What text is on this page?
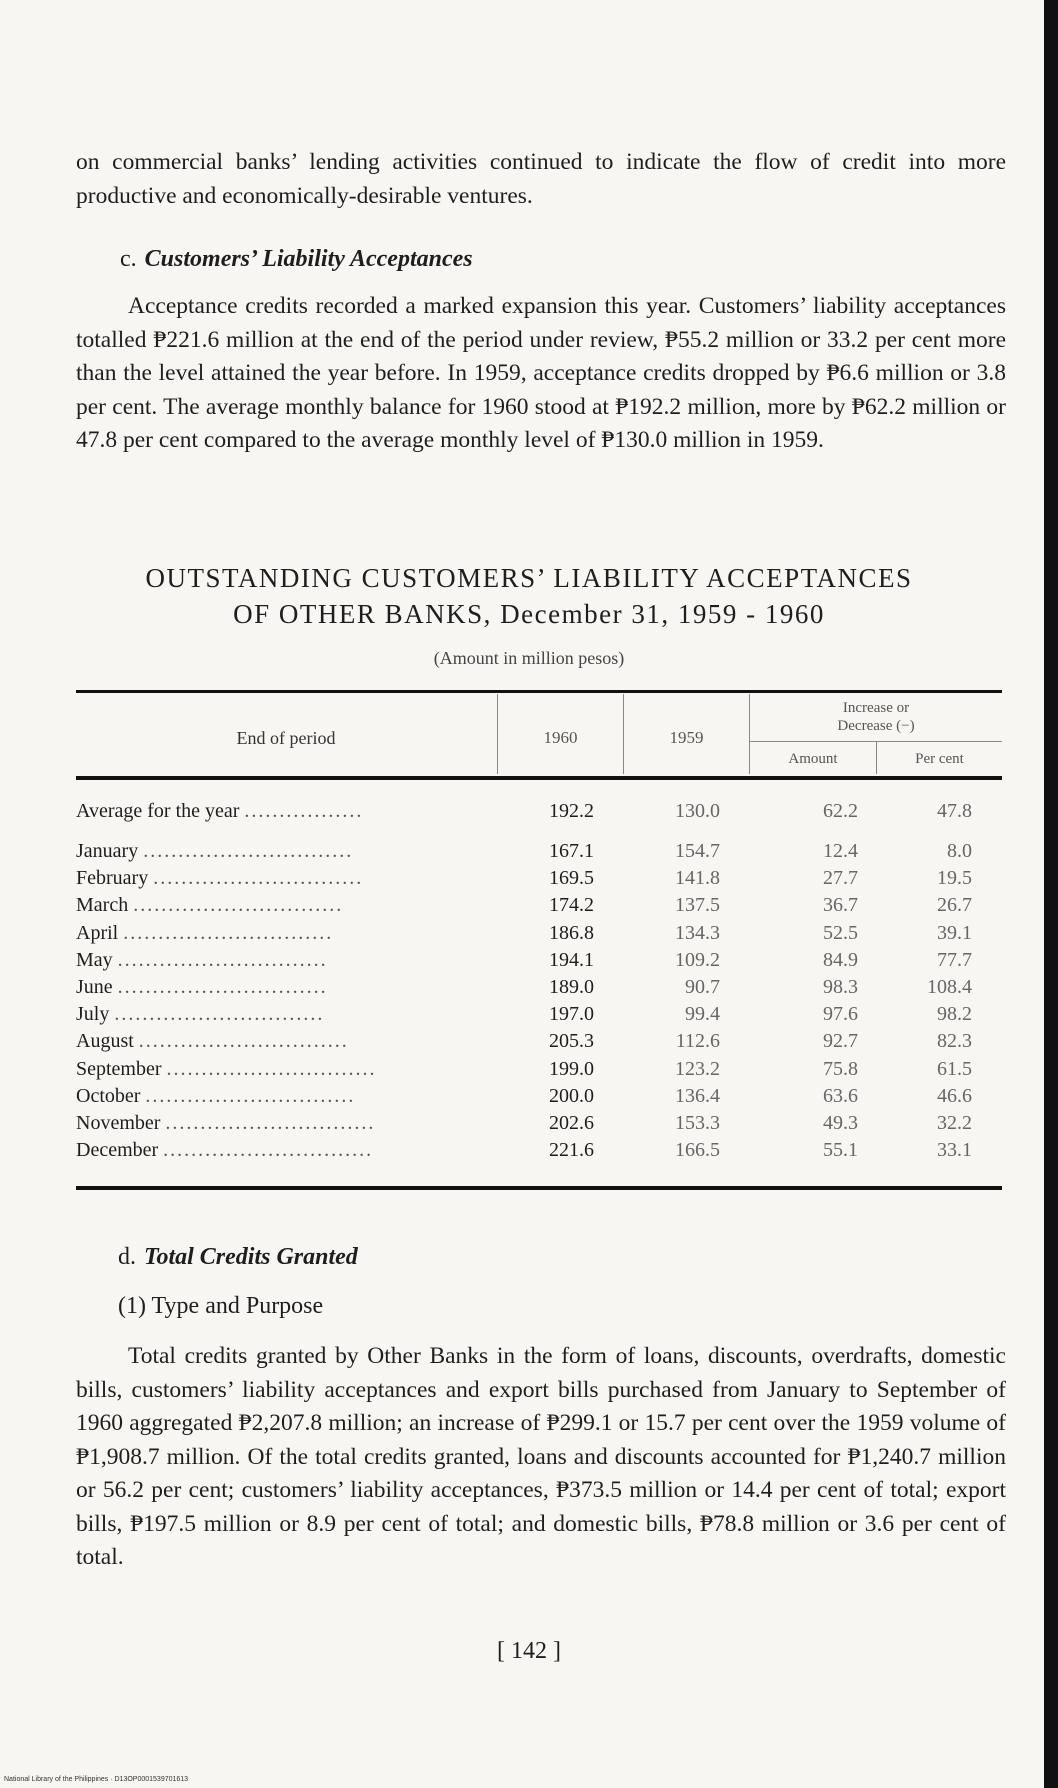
on commercial banks’ lending activities continued to indicate the flow of credit into more productive and economically-desirable ventures.

c. Customers’ Liability Acceptances

Acceptance credits recorded a marked expansion this year. Customers’ liability acceptances totalled ₱221.6 million at the end of the period under review, ₱55.2 million or 33.2 per cent more than the level attained the year before. In 1959, acceptance credits dropped by ₱6.6 million or 3.8 per cent. The average monthly balance for 1960 stood at ₱192.2 million, more by ₱62.2 million or 47.8 per cent compared to the average monthly level of ₱130.0 million in 1959.

OUTSTANDING CUSTOMERS’ LIABILITY ACCEPTANCES
OF OTHER BANKS, December 31, 1959 - 1960
(Amount in million pesos)
End of period	1960	1959
Increase or
Decrease (−)
Amount	Per cent
Average for the year .................	192.2	130.0	62.2	47.8
January ..............................	167.1	154.7	12.4	8.0
February ..............................	169.5	141.8	27.7	19.5
March ..............................	174.2	137.5	36.7	26.7
April ..............................	186.8	134.3	52.5	39.1
May ..............................	194.1	109.2	84.9	77.7
June ..............................	189.0	90.7	98.3	108.4
July ..............................	197.0	99.4	97.6	98.2
August ..............................	205.3	112.6	92.7	82.3
September ..............................	199.0	123.2	75.8	61.5
October ..............................	200.0	136.4	63.6	46.6
November ..............................	202.6	153.3	49.3	32.2
December ..............................	221.6	166.5	55.1	33.1
d. Total Credits Granted
(1) Type and Purpose

Total credits granted by Other Banks in the form of loans, discounts, overdrafts, domestic bills, customers’ liability acceptances and export bills purchased from January to September of 1960 aggregated ₱2,207.8 million; an increase of ₱299.1 or 15.7 per cent over the 1959 volume of ₱1,908.7 million. Of the total credits granted, loans and discounts accounted for ₱1,240.7 million or 56.2 per cent; customers’ liability acceptances, ₱373.5 million or 14.4 per cent of total; export bills, ₱197.5 million or 8.9 per cent of total; and domestic bills, ₱78.8 million or 3.6 per cent of total.

[ 142 ]
National Library of the Philippines · D13OP0001539701613
